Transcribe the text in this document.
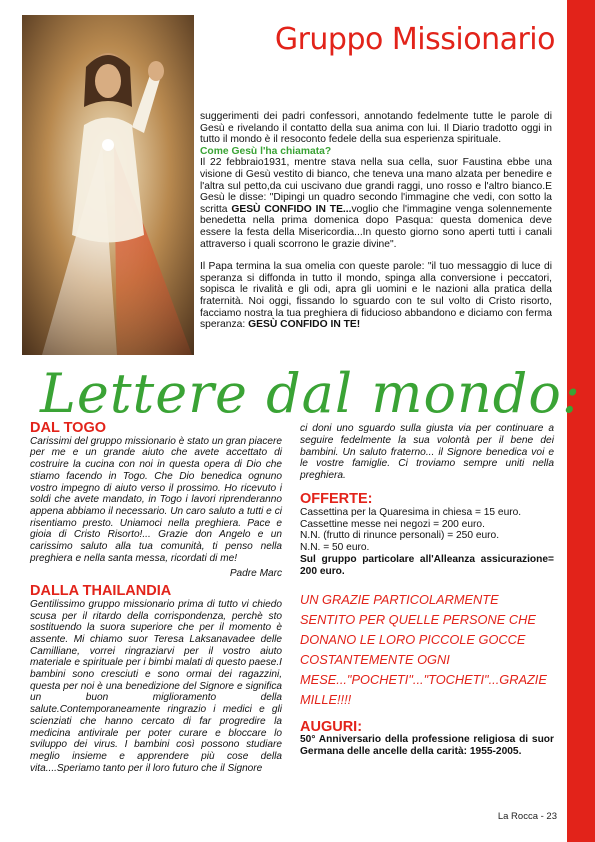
Gruppo Missionario

suggerimenti dei padri confessori, annotando fedelmente tutte le parole di Gesù e rivelando il contatto della sua anima con lui. Il Diario tradotto oggi in tutto il mondo è il resoconto fedele della sua esperienza spirituale.

Come Gesù l'ha chiamata?

Il 22 febbraio1931, mentre stava nella sua cella, suor Faustina ebbe una visione di Gesù vestito di bianco, che teneva una mano alzata per benedire e l'altra sul petto,da cui uscivano due grandi raggi, uno rosso e l'altro bianco.E Gesù le disse: "Dipingi un quadro secondo l'immagine che vedi, con sotto la scritta GESÙ CONFIDO IN TE...voglio che l'immagine venga solennemente benedetta nella prima domenica dopo Pasqua: questa domenica deve essere la festa della Misericordia...In questo giorno sono aperti tutti i canali attraverso i quali scorrono le grazie divine".

Il Papa termina la sua omelia con queste parole: "il tuo messaggio di luce di speranza si diffonda in tutto il mondo, spinga alla conversione i peccatori, sopisca le rivalità e gli odi, apra gli uomini e le nazioni alla pratica della fraternità. Noi oggi, fissando lo sguardo con te sul volto di Cristo risorto, facciamo nostra la tua preghiera di fiducioso abbandono e diciamo con ferma speranza: GESÙ CONFIDO IN TE!

Lettere dal mondo:
DAL TOGO

Carissimi del gruppo missionario è stato un gran piacere per me e un grande aiuto che avete accettato di costruire la cucina con noi in questa opera di Dio che stiamo facendo in Togo. Che Dio benedica ognuno vostro impegno di aiuto verso il prossimo. Ho ricevuto i soldi che avete mandato, in Togo i lavori riprenderanno appena abbiamo il necessario. Un caro saluto a tutti e ci risentiamo presto. Uniamoci nella preghiera. Pace e gioia di Cristo Risorto!... Grazie don Angelo e un carissimo saluto alla tua comunità, ti penso nella preghiera e nella santa messa, ricordati di me!

Padre Marc

DALLA THAILANDIA

Gentilissimo gruppo missionario prima di tutto vi chiedo scusa per il ritardo della corrispondenza, perchè sto sostituendo la suora superiore che per il momento è assente. Mi chiamo suor Teresa Laksanavadee delle Camilliane, vorrei ringraziarvi per il vostro aiuto materiale e spirituale per i bimbi malati di questo paese.I bambini sono cresciuti e sono ormai dei ragazzini, questa per noi è una benedizione del Signore e significa un buon miglioramento della salute.Contemporaneamente ringrazio i medici e gli scienziati che hanno cercato di far progredire la medicina antivirale per poter curare e bloccare lo sviluppo dei virus. I bambini così possono studiare meglio insieme e apprendere più cose della vita....Speriamo tanto per il loro futuro che il Signore

ci doni uno sguardo sulla giusta via per continuare a seguire fedelmente la sua volontà per il bene dei bambini. Un saluto fraterno... il Signore benedica voi e le vostre famiglie. Ci troviamo sempre uniti nella preghiera.

OFFERTE:

Cassettina per la Quaresima in chiesa = 15 euro.

Cassettine messe nei negozi = 200 euro.

N.N. (frutto di rinunce personali) = 250 euro.

N.N. = 50 euro.

Sul gruppo particolare all'Alleanza assicurazione= 200 euro.

UN GRAZIE PARTICOLARMENTE SENTITO PER QUELLE PERSONE CHE DONANO LE LORO PICCOLE GOCCE COSTANTEMENTE OGNI MESE..."POCHETI"..."TOCHETI"...GRAZIE MILLE!!!!

AUGURI:

50° Anniversario della professione religiosa di suor Germana delle ancelle della carità: 1955-2005.

La Rocca - 23
